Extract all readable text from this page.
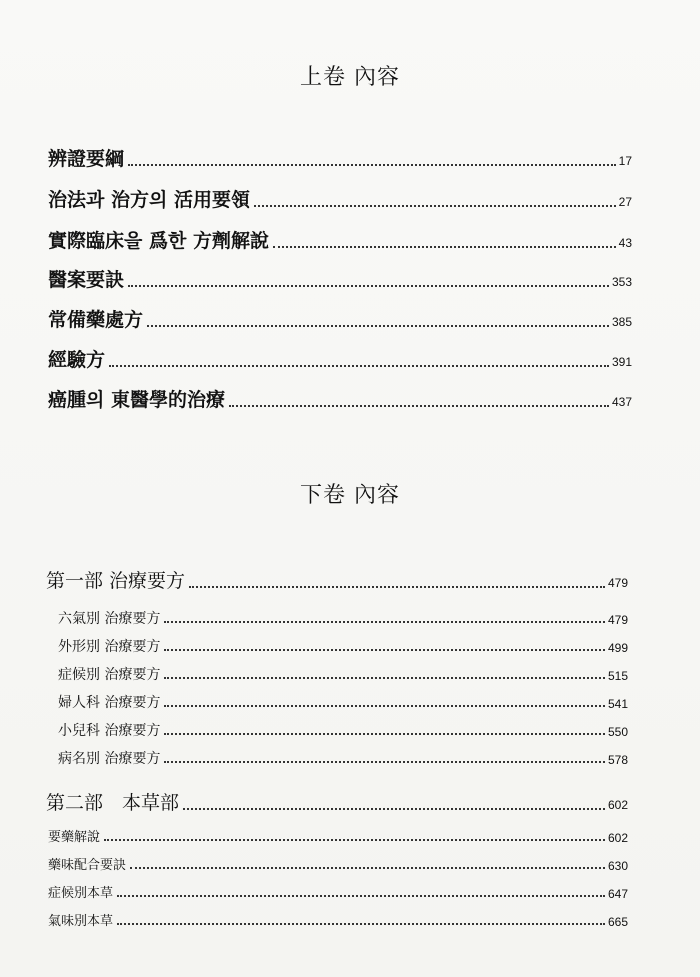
上卷 內容
辨證要綱	17
治法과 治方의 活用要領	27
實際臨床을 爲한 方劑解說	43
醫案要訣	353
常備藥處方	385
經驗方	391
癌腫의 東醫學的治療	437
下卷 內容
第一部 治療要方	479
六氣別 治療要方	479
外形別 治療要方	499
症候別 治療要方	515
婦人科 治療要方	541
小兒科 治療要方	550
病名別 治療要方	578
第二部　本草部	602
要藥解說	602
藥味配合要訣	630
症候別本草	647
氣味別本草	665
